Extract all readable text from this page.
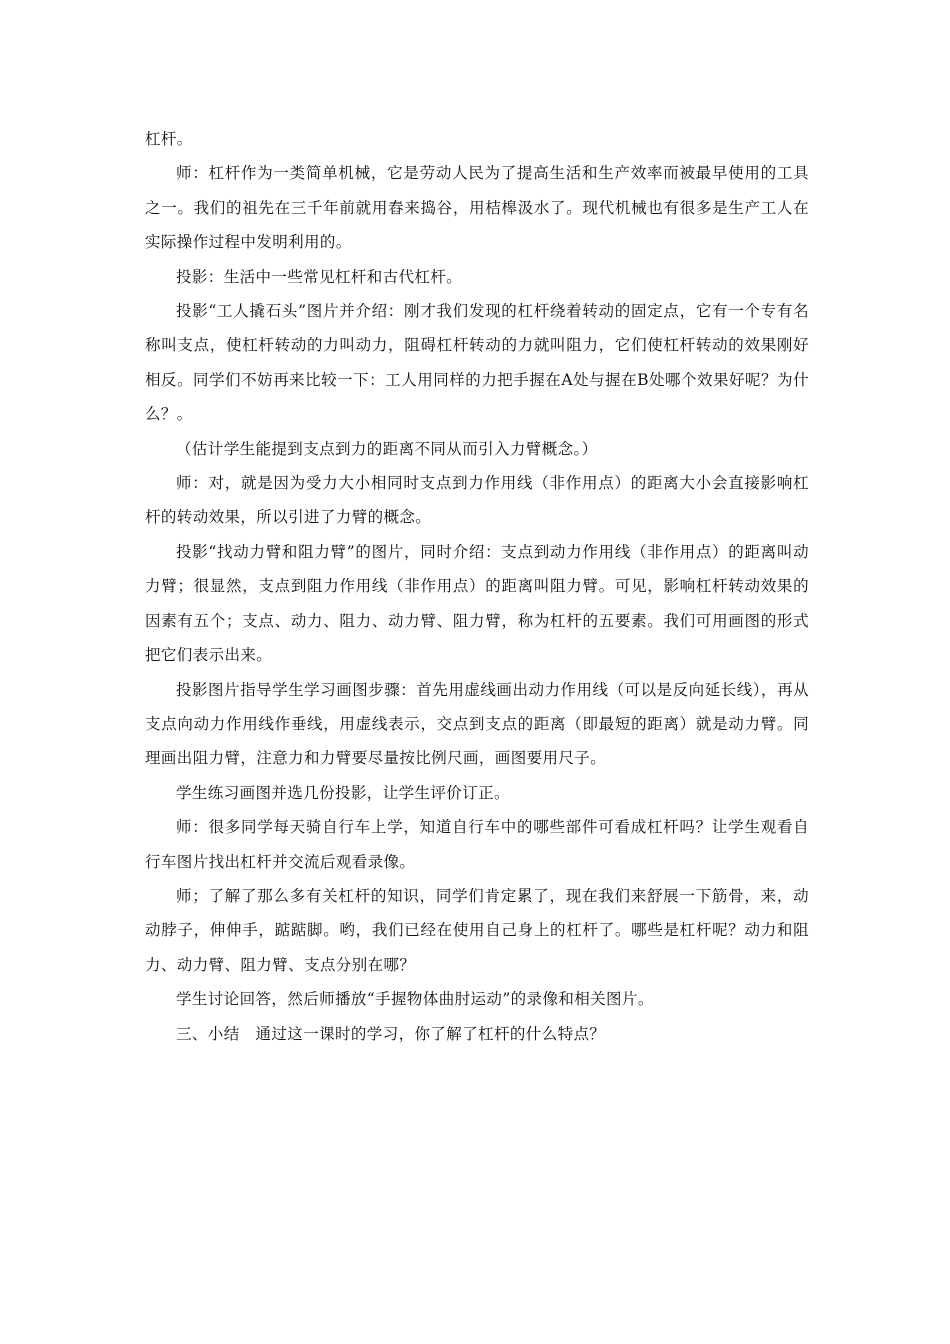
杠杆。

师：杠杆作为一类简单机械，它是劳动人民为了提高生活和生产效率而被最早使用的工具之一。我们的祖先在三千年前就用舂来捣谷，用桔槔汲水了。现代机械也有很多是生产工人在实际操作过程中发明利用的。

投影：生活中一些常见杠杆和古代杠杆。

投影“工人撬石头”图片并介绍：刚才我们发现的杠杆绕着转动的固定点，它有一个专有名称叫支点，使杠杆转动的力叫动力，阻碍杠杆转动的力就叫阻力，它们使杠杆转动的效果刚好相反。同学们不妨再来比较一下：工人用同样的力把手握在A处与握在B处哪个效果好呢？为什么？。

（估计学生能提到支点到力的距离不同从而引入力臂概念。）

师：对，就是因为受力大小相同时支点到力作用线（非作用点）的距离大小会直接影响杠杆的转动效果，所以引进了力臂的概念。

投影“找动力臂和阻力臂”的图片，同时介绍：支点到动力作用线（非作用点）的距离叫动力臂；很显然，支点到阻力作用线（非作用点）的距离叫阻力臂。可见，影响杠杆转动效果的因素有五个；支点、动力、阻力、动力臂、阻力臂，称为杠杆的五要素。我们可用画图的形式把它们表示出来。

投影图片指导学生学习画图步骤：首先用虚线画出动力作用线（可以是反向延长线），再从支点向动力作用线作垂线，用虚线表示，交点到支点的距离（即最短的距离）就是动力臂。同理画出阻力臂，注意力和力臂要尽量按比例尺画，画图要用尺子。

学生练习画图并选几份投影，让学生评价订正。

师：很多同学每天骑自行车上学，知道自行车中的哪些部件可看成杠杆吗？让学生观看自行车图片找出杠杆并交流后观看录像。

师；了解了那么多有关杠杆的知识，同学们肯定累了，现在我们来舒展一下筋骨，来，动动脖子，伸伸手，踮踮脚。哟，我们已经在使用自己身上的杠杆了。哪些是杠杆呢？动力和阻力、动力臂、阻力臂、支点分别在哪？

学生讨论回答，然后师播放“手握物体曲肘运动”的录像和相关图片。

三、小结　通过这一课时的学习，你了解了杠杆的什么特点？
